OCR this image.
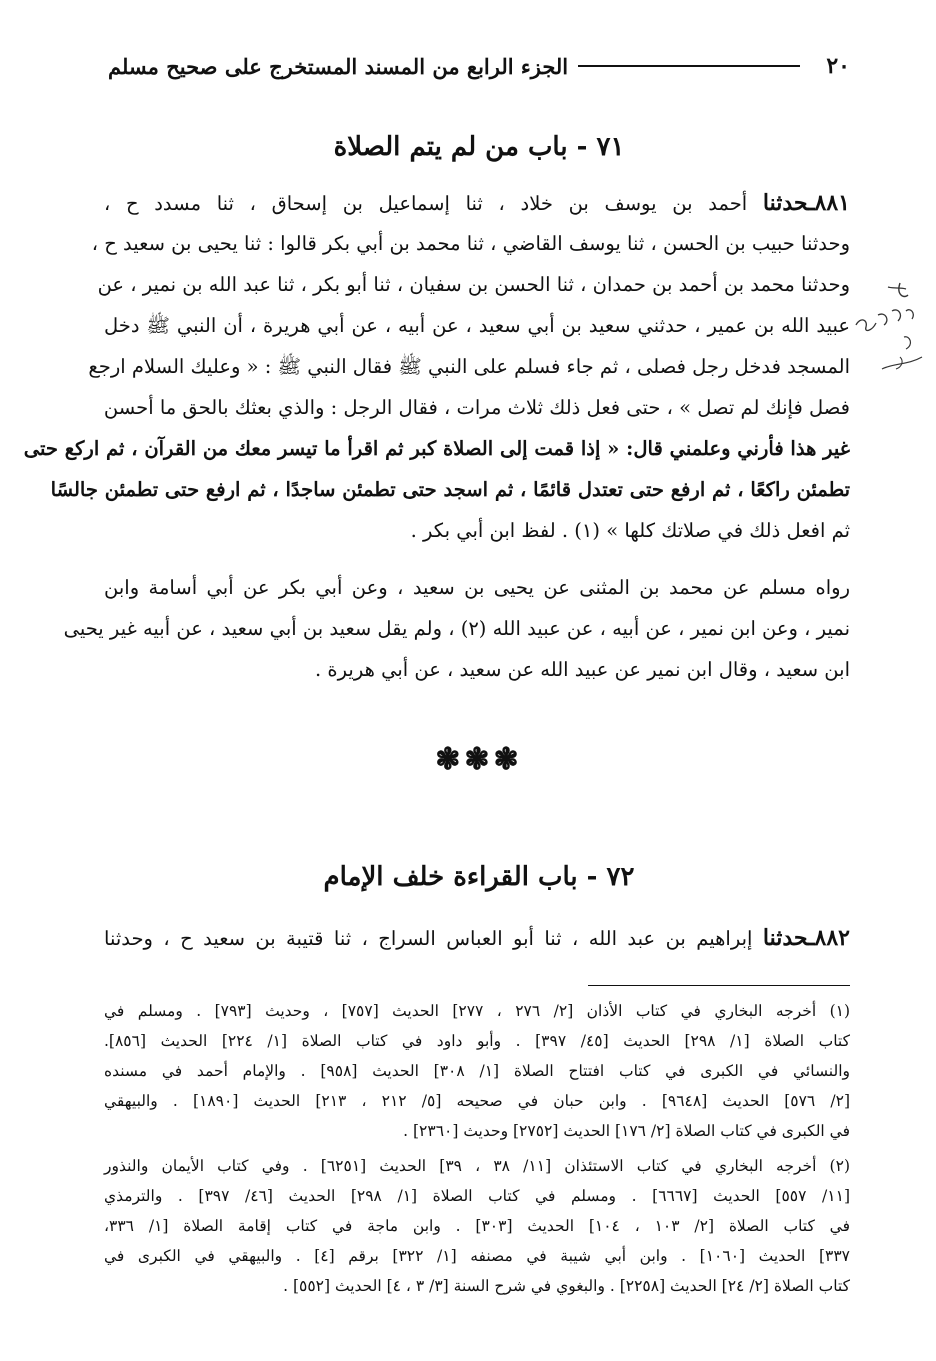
٢٠
الجزء الرابع من المسند المستخرج على صحيح مسلم
٧١ - باب من لم يتم الصلاة
٨٨١ـحدثنا أحمد بن يوسف بن خلاد ، ثنا إسماعيل بن إسحاق ، ثنا مسدد ح ،
وحدثنا حبيب بن الحسن ، ثنا يوسف القاضي ، ثنا محمد بن أبي بكر قالوا : ثنا يحيى بن سعيد ح ،
وحدثنا محمد بن أحمد بن حمدان ، ثنا الحسن بن سفيان ، ثنا أبو بكر ، ثنا عبد الله بن نمير ، عن
عبيد الله بن عمير ، حدثني سعيد بن أبي سعيد ، عن أبيه ، عن أبي هريرة ، أن النبي ﷺ دخل
المسجد فدخل رجل فصلى ، ثم جاء فسلم على النبي ﷺ فقال النبي ﷺ : « وعليك السلام ارجع
فصل فإنك لم تصل » ، حتى فعل ذلك ثلاث مرات ، فقال الرجل : والذي بعثك بالحق ما أحسن
غير هذا فأرني وعلمني قال: « إذا قمت إلى الصلاة كبر ثم اقرأ ما تيسر معك من القرآن ، ثم اركع حتى
تطمئن راكعًا ، ثم ارفع حتى تعتدل قائمًا ، ثم اسجد حتى تطمئن ساجدًا ، ثم ارفع حتى تطمئن جالسًا
ثم افعل ذلك في صلاتك كلها » (١) . لفظ ابن أبي بكر .
رواه مسلم عن محمد بن المثنى عن يحيى بن سعيد ، وعن أبي بكر عن أبي أسامة وابن
نمير ، وعن ابن نمير ، عن أبيه ، عن عبيد الله (٢) ، ولم يقل سعيد بن أبي سعيد ، عن أبيه غير يحيى
ابن سعيد ، وقال ابن نمير عن عبيد الله عن سعيد ، عن أبي هريرة .
❃❃❃
٧٢ - باب القراءة خلف الإمام
٨٨٢ـحدثنا إبراهيم بن عبد الله ، ثنا أبو العباس السراج ، ثنا قتيبة بن سعيد ح ، وحدثنا
(١) أخرجه البخاري في كتاب الأذان [٢/ ٢٧٦ ، ٢٧٧] الحديث [٧٥٧] ، وحديث [٧٩٣] . ومسلم في
كتاب الصلاة [١/ ٢٩٨] الحديث [٤٥/ ٣٩٧] . وأبو داود في كتاب الصلاة [١/ ٢٢٤] الحديث [٨٥٦].
والنسائي في الكبرى في كتاب افتتاح الصلاة [١/ ٣٠٨] الحديث [٩٥٨] . والإمام أحمد في مسنده
[٢/ ٥٧٦] الحديث [٩٦٤٨] . وابن حبان في صحيحه [٥/ ٢١٢ ، ٢١٣] الحديث [١٨٩٠] . والبيهقي
في الكبرى في كتاب الصلاة [٢/ ١٧٦] الحديث [٢٧٥٢] وحديث [٢٣٦٠] .
(٢) أخرجه البخاري في كتاب الاستئذان [١١/ ٣٨ ، ٣٩] الحديث [٦٢٥١] . وفي كتاب الأيمان والنذور
[١١/ ٥٥٧] الحديث [٦٦٦٧] . ومسلم في كتاب الصلاة [١/ ٢٩٨] الحديث [٤٦/ ٣٩٧] . والترمذي
في كتاب الصلاة [٢/ ١٠٣ ، ١٠٤] الحديث [٣٠٣] . وابن ماجة في كتاب إقامة الصلاة [١/ ٣٣٦،
٣٣٧] الحديث [١٠٦٠] . وابن أبي شيبة في مصنفه [١/ ٣٢٢] برقم [٤] . والبيهقي في الكبرى في
كتاب الصلاة [٢/ ٢٤] الحديث [٢٢٥٨] . والبغوي في شرح السنة [٣/ ٣ ، ٤] الحديث [٥٥٢] .
